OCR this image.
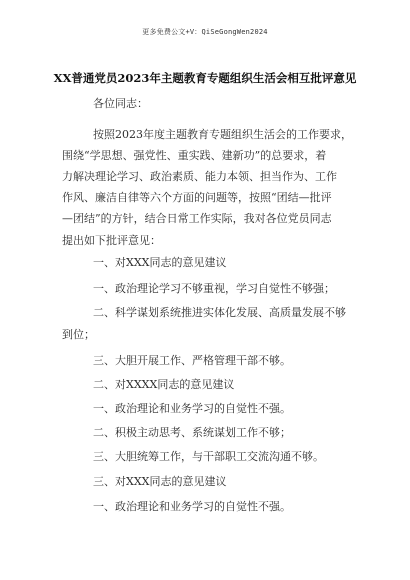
更多免费公文+V：QiSeGongWen2024
XX普通党员2023年主题教育专题组织生活会相互批评意见
各位同志：
按照2023年度主题教育专题组织生活会的工作要求，
围绕“学思想、强党性、重实践、建新功”的总要求，着
力解决理论学习、政治素质、能力本领、担当作为、工作
作风、廉洁自律等六个方面的问题等，按照“团结—批评
—团结”的方针，结合日常工作实际，我对各位党员同志
提出如下批评意见：
一、对XXX同志的意见建议
一、政治理论学习不够重视，学习自觉性不够强；
二、科学谋划系统推进实体化发展、高质量发展不够
到位；
三、大胆开展工作、严格管理干部不够。
二、对XXXX同志的意见建议
一、政治理论和业务学习的自觉性不强。
二、积极主动思考、系统谋划工作不够；
三、大胆统筹工作，与干部职工交流沟通不够。
三、对XXX同志的意见建议
一、政治理论和业务学习的自觉性不强。
